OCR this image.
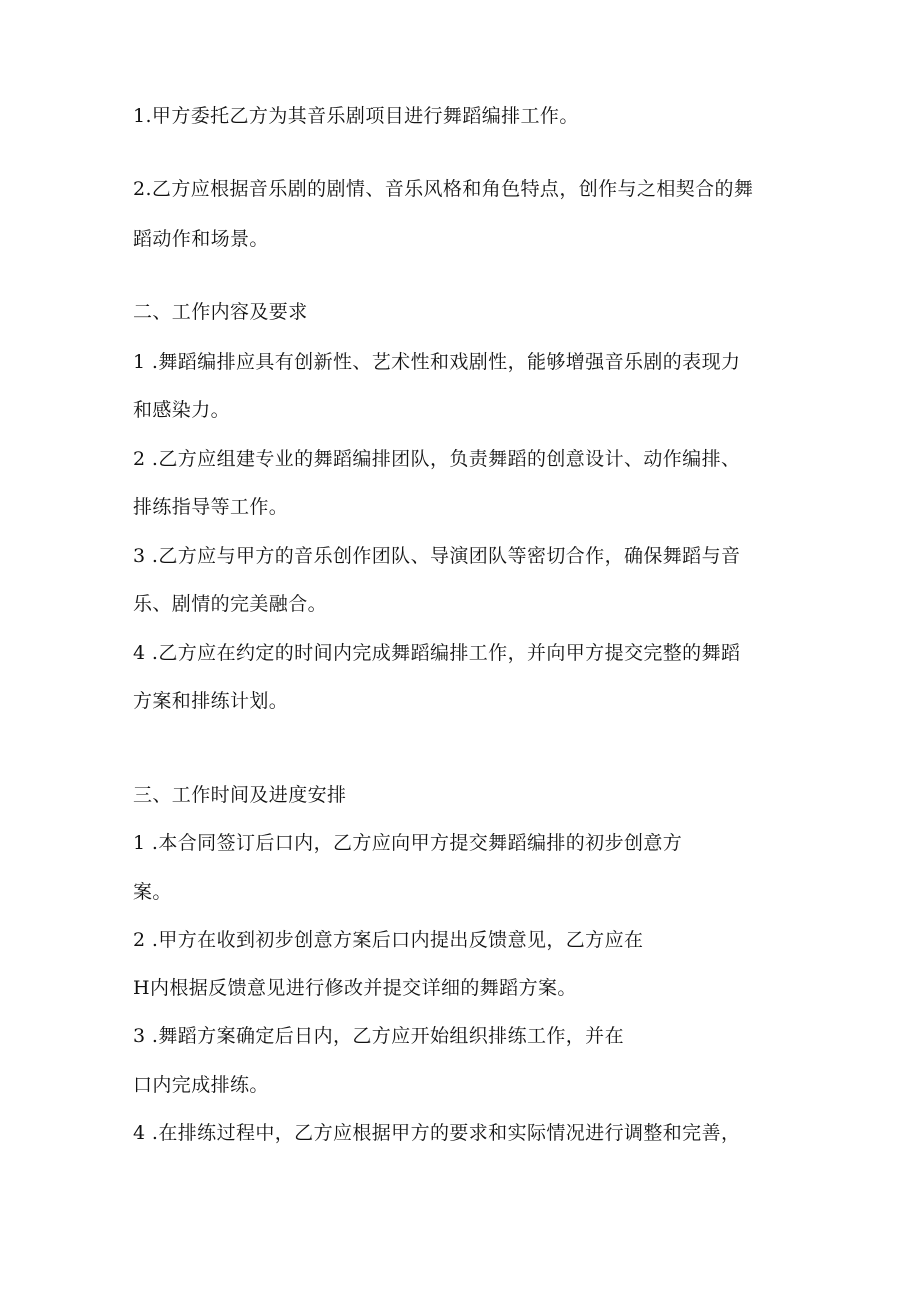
1.甲方委托乙方为其音乐剧项目进行舞蹈编排工作。
2.乙方应根据音乐剧的剧情、音乐风格和角色特点，创作与之相契合的舞
蹈动作和场景。
二、工作内容及要求
1 .舞蹈编排应具有创新性、艺术性和戏剧性，能够增强音乐剧的表现力
和感染力。
2 .乙方应组建专业的舞蹈编排团队，负责舞蹈的创意设计、动作编排、
排练指导等工作。
3 .乙方应与甲方的音乐创作团队、导演团队等密切合作，确保舞蹈与音
乐、剧情的完美融合。
4 .乙方应在约定的时间内完成舞蹈编排工作，并向甲方提交完整的舞蹈
方案和排练计划。
三、工作时间及进度安排
1 .本合同签订后口内，乙方应向甲方提交舞蹈编排的初步创意方
案。
2 .甲方在收到初步创意方案后口内提出反馈意见，乙方应在
H内根据反馈意见进行修改并提交详细的舞蹈方案。
3 .舞蹈方案确定后日内，乙方应开始组织排练工作，并在
口内完成排练。
4 .在排练过程中，乙方应根据甲方的要求和实际情况进行调整和完善，
